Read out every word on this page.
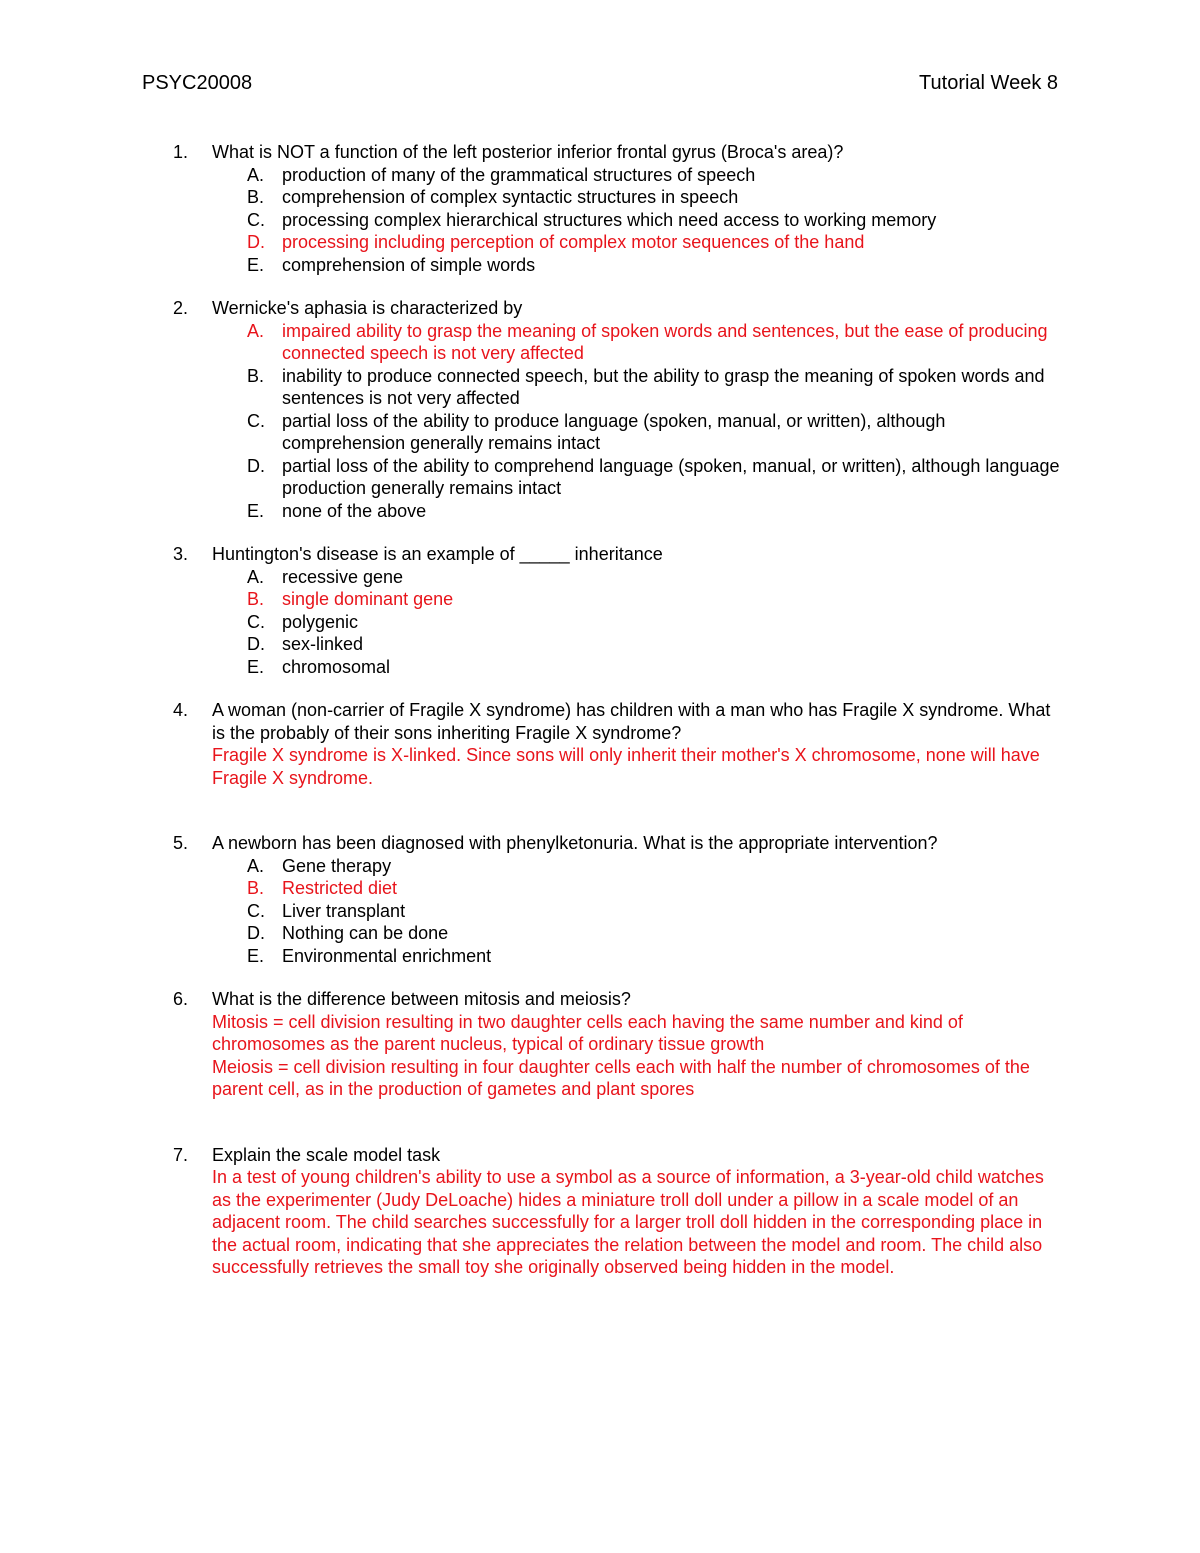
PSYC20008	Tutorial Week 8
1. What is NOT a function of the left posterior inferior frontal gyrus (Broca's area)?
A. production of many of the grammatical structures of speech
B. comprehension of complex syntactic structures in speech
C. processing complex hierarchical structures which need access to working memory
D. processing including perception of complex motor sequences of the hand
E. comprehension of simple words
2. Wernicke's aphasia is characterized by
A. impaired ability to grasp the meaning of spoken words and sentences, but the ease of producing connected speech is not very affected
B. inability to produce connected speech, but the ability to grasp the meaning of spoken words and sentences is not very affected
C. partial loss of the ability to produce language (spoken, manual, or written), although comprehension generally remains intact
D. partial loss of the ability to comprehend language (spoken, manual, or written), although language production generally remains intact
E. none of the above
3. Huntington's disease is an example of _____ inheritance
A. recessive gene
B. single dominant gene
C. polygenic
D. sex-linked
E. chromosomal
4. A woman (non-carrier of Fragile X syndrome) has children with a man who has Fragile X syndrome. What is the probably of their sons inheriting Fragile X syndrome?
Fragile X syndrome is X-linked. Since sons will only inherit their mother's X chromosome, none will have Fragile X syndrome.
5. A newborn has been diagnosed with phenylketonuria. What is the appropriate intervention?
A. Gene therapy
B. Restricted diet
C. Liver transplant
D. Nothing can be done
E. Environmental enrichment
6. What is the difference between mitosis and meiosis?
Mitosis = cell division resulting in two daughter cells each having the same number and kind of chromosomes as the parent nucleus, typical of ordinary tissue growth
Meiosis = cell division resulting in four daughter cells each with half the number of chromosomes of the parent cell, as in the production of gametes and plant spores
7. Explain the scale model task
In a test of young children's ability to use a symbol as a source of information, a 3-year-old child watches as the experimenter (Judy DeLoache) hides a miniature troll doll under a pillow in a scale model of an adjacent room. The child searches successfully for a larger troll doll hidden in the corresponding place in the actual room, indicating that she appreciates the relation between the model and room. The child also successfully retrieves the small toy she originally observed being hidden in the model.
